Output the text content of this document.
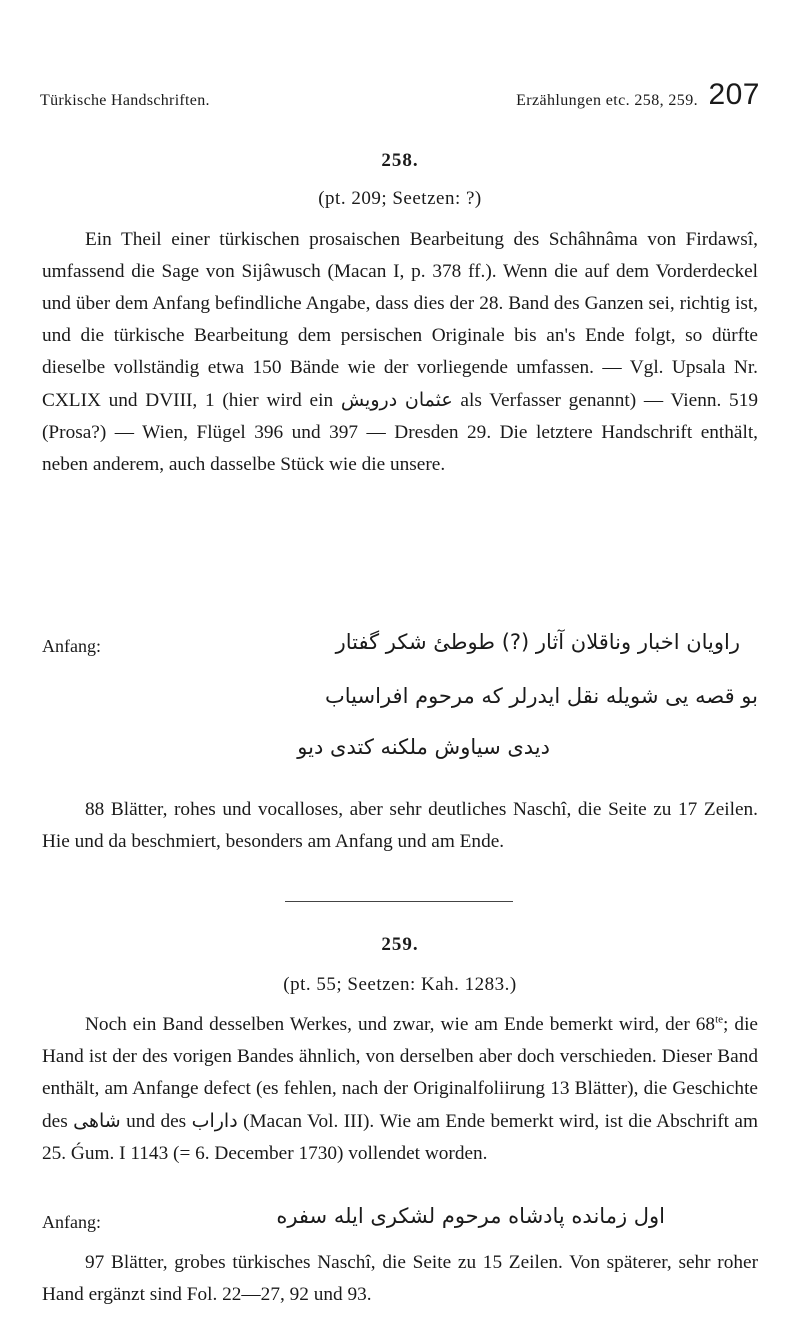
Türkische Handschriften.	Erzählungen etc. 258, 259. 207
258.
(pt. 209; Seetzen: ?)

Ein Theil einer türkischen prosaischen Bearbeitung des Schâhnâma von Firdawsî, umfassend die Sage von Sijâwusch (Macan I, p. 378 ff.). Wenn die auf dem Vorderdeckel und über dem Anfang befindliche Angabe, dass dies der 28. Band des Ganzen sei, richtig ist, und die türkische Bearbeitung dem persischen Originale bis an's Ende folgt, so dürfte dieselbe vollständig etwa 150 Bände wie der vorliegende umfassen. — Vgl. Upsala Nr. CXLIX und DVIII, 1 (hier wird ein	عثمان درويش	als Verfasser genannt) — Vienn. 519 (Prosa?) — Wien, Flügel 396 und 397 — Dresden 29. Die letztere Handschrift enthält, neben anderem, auch dasselbe Stück wie die unsere.

Anfang:	راويان اخبار وناقلان آثار (?) طوطئ شكر گفتار
بو قصه يى شويله نقل ايدرلر كه مرحوم افراسياب
ديدى سياوش ملكنه كتدى ديو

88 Blätter, rohes und vocalloses, aber sehr deutliches Naschî, die Seite zu 17 Zeilen. Hie und da beschmiert, besonders am Anfang und am Ende.

259.
(pt. 55; Seetzen: Kah. 1283.)

Noch ein Band desselben Werkes, und zwar, wie am Ende bemerkt wird, der $68^{te}$; die Hand ist der des vorigen Bandes ähnlich, von derselben aber doch verschieden. Dieser Band enthält, am Anfange defect (es fehlen, nach der Originalfoliirung 13 Blätter), die Geschichte des شاهى und des داراب (Macan Vol. III). Wie am Ende bemerkt wird, ist die Abschrift am 25. Ǵum. I 1143 (= 6. December 1730) vollendet worden.

Anfang:	اول زمانده پادشاه مرحوم لشكرى ايله سفره

97 Blätter, grobes türkisches Naschî, die Seite zu 15 Zeilen. Von späterer, sehr roher Hand ergänzt sind Fol. 22—27, 92 und 93.
